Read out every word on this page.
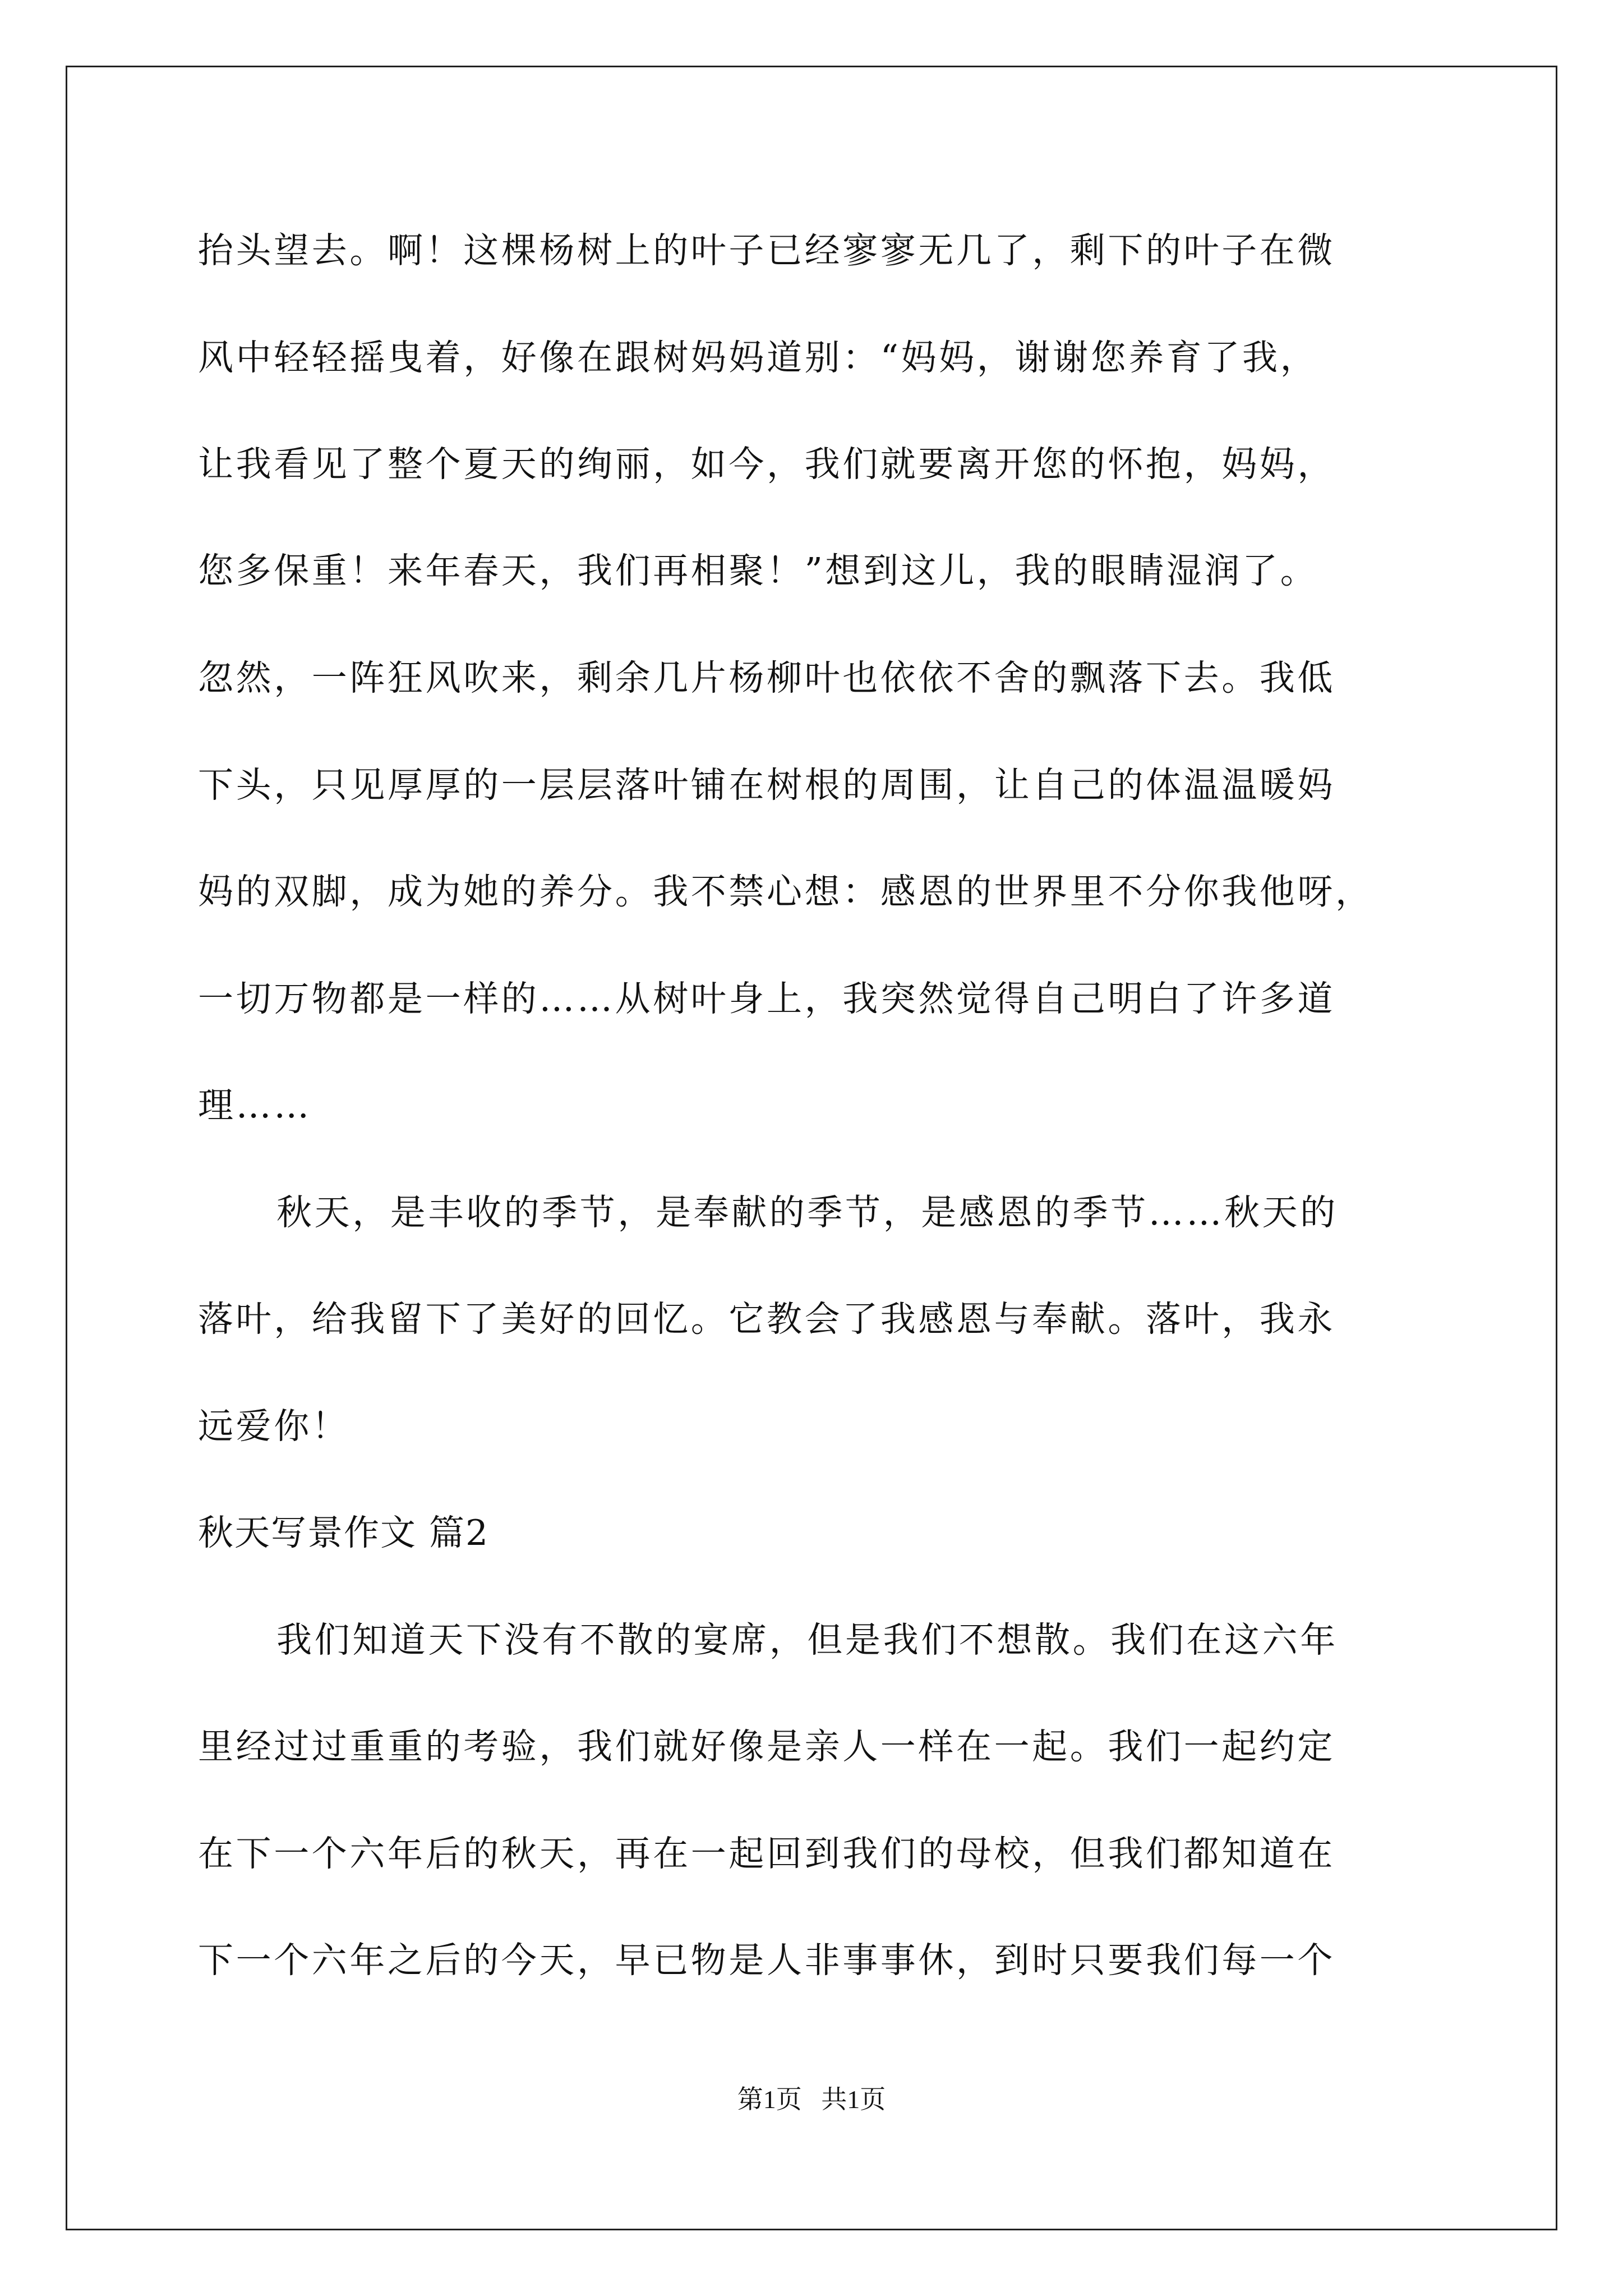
抬头望去。啊！这棵杨树上的叶子已经寥寥无几了，剩下的叶子在微
风中轻轻摇曳着，好像在跟树妈妈道别：“妈妈，谢谢您养育了我，
让我看见了整个夏天的绚丽，如今，我们就要离开您的怀抱，妈妈，
您多保重！来年春天，我们再相聚！”想到这儿，我的眼睛湿润了。
忽然，一阵狂风吹来，剩余几片杨柳叶也依依不舍的飘落下去。我低
下头，只见厚厚的一层层落叶铺在树根的周围，让自己的体温温暖妈
妈的双脚，成为她的养分。我不禁心想：感恩的世界里不分你我他呀，
一切万物都是一样的……从树叶身上，我突然觉得自己明白了许多道
理……
秋天，是丰收的季节，是奉献的季节，是感恩的季节……秋天的
落叶，给我留下了美好的回忆。它教会了我感恩与奉献。落叶，我永
远爱你！
秋天写景作文 篇2
我们知道天下没有不散的宴席，但是我们不想散。我们在这六年
里经过过重重的考验，我们就好像是亲人一样在一起。我们一起约定
在下一个六年后的秋天，再在一起回到我们的母校，但我们都知道在
下一个六年之后的今天，早已物是人非事事休，到时只要我们每一个
第1页   共1页
